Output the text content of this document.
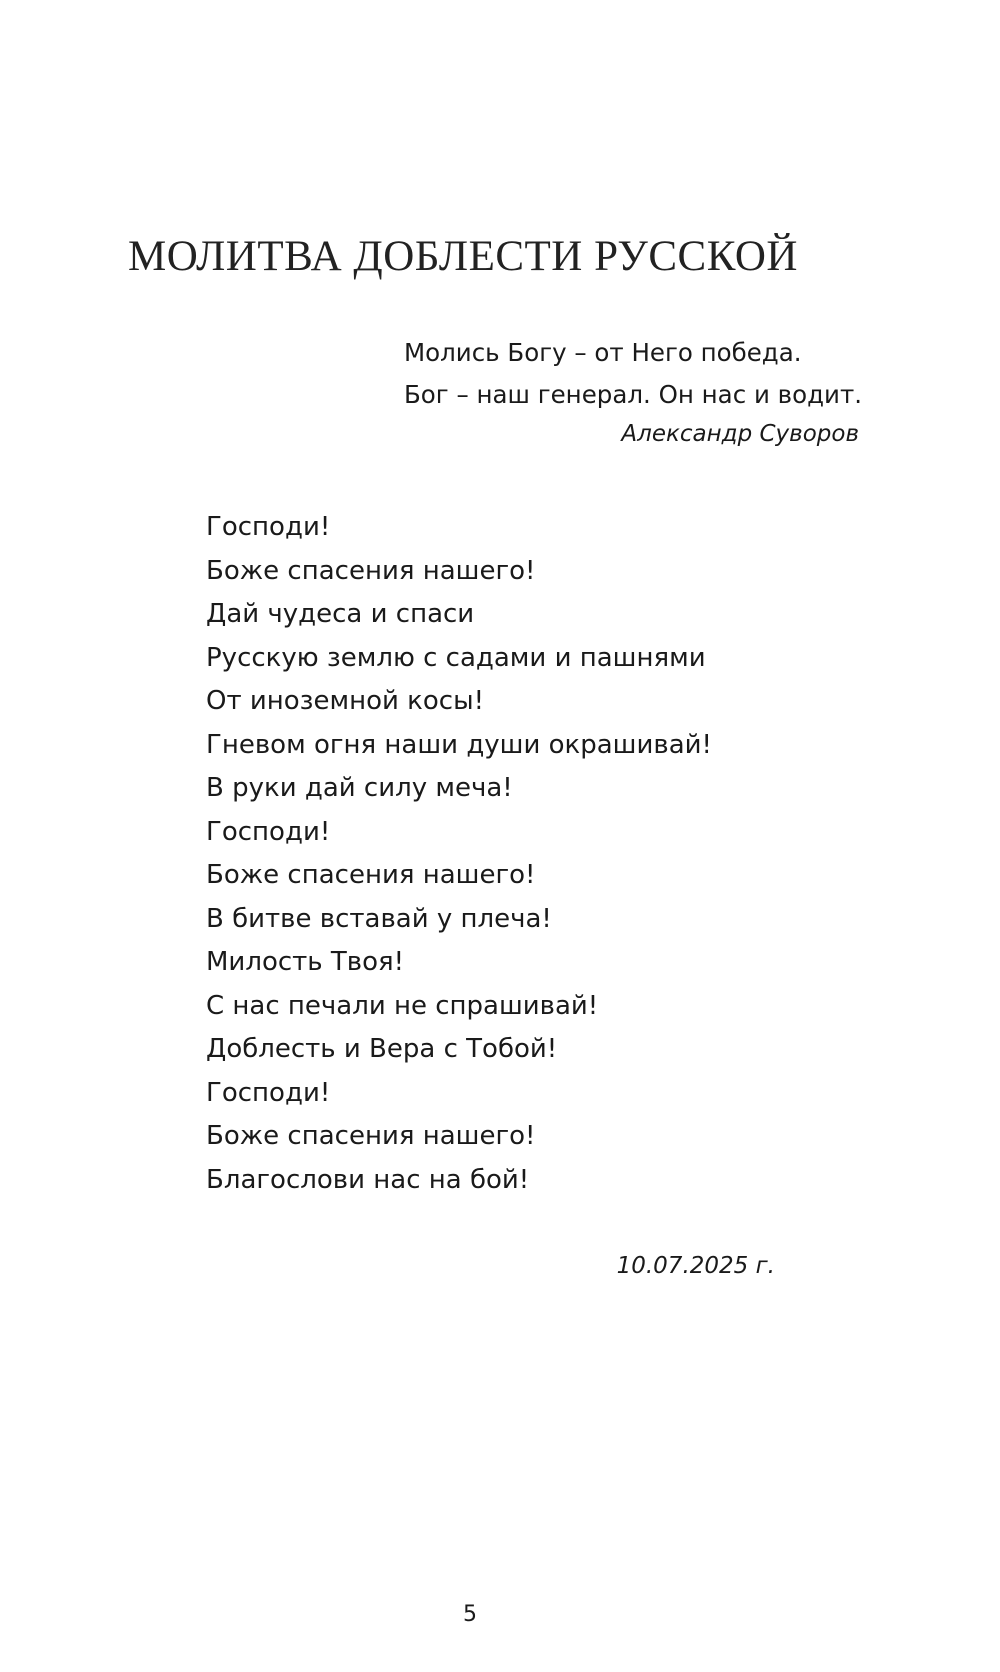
МОЛИТВА ДОБЛЕСТИ РУССКОЙ
Молись Богу – от Него победа.
Бог – наш генерал. Он нас и водит.
Александр Суворов
Господи!
Боже спасения нашего!
Дай чудеса и спаси
Русскую землю с садами и пашнями
От иноземной косы!
Гневом огня наши души окрашивай!
В руки дай силу меча!
Господи!
Боже спасения нашего!
В битве вставай у плеча!
Милость Твоя!
С нас печали не спрашивай!
Доблесть и Вера с Тобой!
Господи!
Боже спасения нашего!
Благослови нас на бой!
10.07.2025 г.
5
